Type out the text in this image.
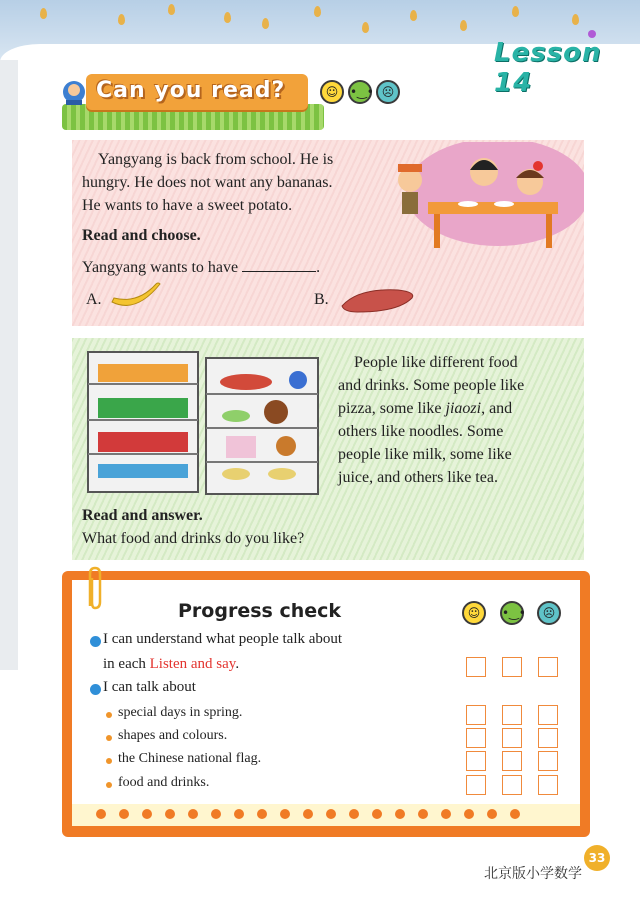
Lesson 14
Can you read?	☺ •‿• ☹
Yangyang is back from school. He is
hungry. He does not want any bananas.
He wants to have a sweet potato.
Read and choose.
Yangyang wants to have	.
A.	B.
People like different food
and drinks. Some people like
pizza, some like jiaozi, and
others like noodles. Some
people like milk, some like
juice, and others like tea.
Read and answer.
What food and drinks do you like?
Progress check	☺	•‿•	☹
I can understand what people talk about
in each Listen and say.
I can talk about
special days in spring.
shapes and colours.
the Chinese national flag.
food and drinks.
33
北京版小学数学
